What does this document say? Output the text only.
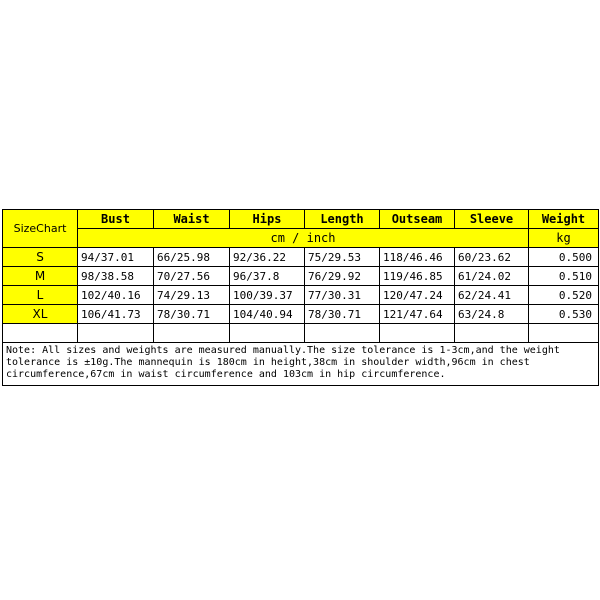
SizeChart	Bust	Waist	Hips	Length	Outseam	Sleeve	Weight
	cm / inch						kg
S	94/37.01	66/25.98	92/36.22	75/29.53	118/46.46	60/23.62	0.500
M	98/38.58	70/27.56	96/37.8	76/29.92	119/46.85	61/24.02	0.510
L	102/40.16	74/29.13	100/39.37	77/30.31	120/47.24	62/24.41	0.520
XL	106/41.73	78/30.71	104/40.94	78/30.71	121/47.64	63/24.8	0.530

Note: All sizes and weights are measured manually.The size tolerance is 1-3cm,and the weight tolerance is ±10g.The mannequin is 180cm in height,38cm in shoulder width,96cm in chest circumference,67cm in waist circumference and 103cm in hip circumference.							
